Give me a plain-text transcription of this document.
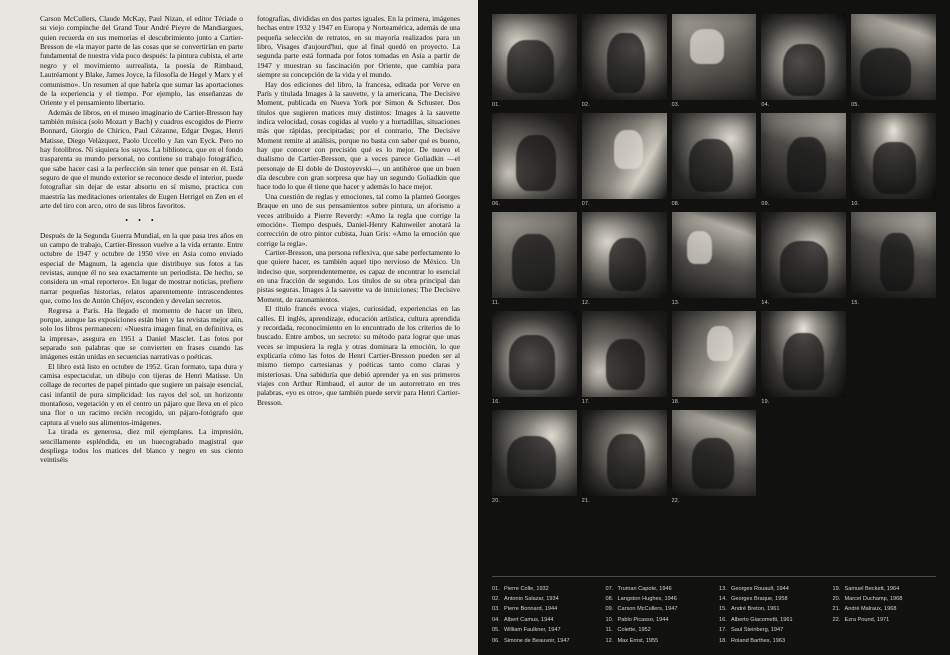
Carson McCullers, Claude McKay, Paul Nizan, el editor Tériade o su viejo compinche del Grand Tour André Pieyre de Mandiargues, quien recuerda en sus memorias el descubrimiento junto a Cartier-Bresson de «la mayor parte de las cosas que se convertirían en parte fundamental de nuestra vida poco después: la pintura cubista, el arte negro y el movimiento surrealista, la poesía de Rimbaud, Lautréamont y Blake, James Joyce, la filosofía de Hegel y Marx y el comunismo». Un resumen al que habría que sumar las aportaciones de la experiencia y el tiempo. Por ejemplo, las enseñanzas de Oriente y el pensamiento libertario.

Además de libros, en el museo imaginario de Cartier-Bresson hay también música (solo Mozart y Bach) y cuadros escogidos de Pierre Bonnard, Giorgio de Chirico, Paul Cézanne, Edgar Degas, Henri Matisse, Diego Velázquez, Paolo Uccello y Jan van Eyck. Pero no hay fotolibros. Ni siquiera los suyos. La biblioteca, que en el fondo trasparenta su mundo personal, no contiene su trabajo fotográfico, que sabe hacer casi a la perfección sin tener que pensar en él. Está seguro de que el mundo exterior se reconoce desde el interior, puede fotografiar sin dejar de estar absorto en sí mismo, practica con maestría las meditaciones orientales de Eugen Herrigel en Zen en el arte del tiro con arco, otro de sus libros favoritos.

• • •

Después de la Segunda Guerra Mundial, en la que pasa tres años en un campo de trabajo, Cartier-Bresson vuelve a la vida errante. Entre octubre de 1947 y octubre de 1950 vive en Asia como enviado especial de Magnum, la agencia que distribuye sus fotos a las revistas, aunque él no sea exactamente un periodista. De hecho, se considera un «mal reportero». En lugar de mostrar noticias, prefiere narrar pequeñas historias, relatos aparentemente intrascendentes que, como los de Antón Chéjov, esconden y develan secretos.

Regresa a París. Ha llegado el momento de hacer un libro, porque, aunque las exposiciones están bien y las revistas mejor aún, solo los libros permanecen: «Nuestra imagen final, en definitiva, es la impresa», asegura en 1951 a Daniel Masclet. Las fotos por separado son palabras que se convierten en frases cuando las imágenes están unidas en secuencias narrativas o poéticas.

El libro está listo en octubre de 1952. Gran formato, tapa dura y camisa espectacular, un dibujo con tijeras de Henri Matisse. Un collage de recortes de papel pintado que sugiere un paisaje esencial, casi infantil de pura simplicidad: los rayos del sol, un horizonte montañoso, vegetación y en el centro un pájaro que lleva en el pico una flor o un racimo recién recogido, un pájaro-fotógrafo que captura al vuelo sus alimentos-imágenes.

La tirada es generosa, diez mil ejemplares. La impresión, sencillamente espléndida, en un huecograbado magistral que despliega todos los matices del blanco y negro en sus ciento veintiséis

fotografías, divididas en dos partes iguales. En la primera, imágenes hechas entre 1932 y 1947 en Europa y Norteamérica, además de una pequeña selección de retratos, en su mayoría realizados para un libro, Visages d'aujourd'hui, que al final quedó en proyecto. La segunda parte está formada por fotos tomadas en Asia a partir de 1947 y muestran su fascinación por Oriente, que cambia para siempre su concepción de la vida y el mundo.

Hay dos ediciones del libro, la francesa, editada por Verve en París y titulada Images à la sauvette, y la americana, The Decisive Moment, publicada en Nueva York por Simon & Schuster. Dos títulos que sugieren matices muy distintos: Images à la sauvette indica velocidad, cosas cogidas al vuelo y a hurtadillas, situaciones más que rápidas, precipitadas; por el contrario, The Decisive Moment remite al análisis, porque no basta con saber qué es bueno, hay que conocer con precisión qué es lo mejor. De nuevo el dualismo de Cartier-Bresson, que a veces parece Goliadkin —el personaje de El doble de Dostoyevski—, un antihéroe que un buen día descubre con gran sorpresa que hay un segundo Goliadkin que hace todo lo que él tiene que hacer y además lo hace mejor.

Una cuestión de reglas y emociones, tal como la planteó Georges Braque en uno de sus pensamientos sobre pintura, un aforismo a veces atribuido a Pierre Reverdy: «Amo la regla que corrige la emoción». Tiempo después, Daniel-Henry Kahnweiler anotará la corrección de otro pintor cubista, Juan Gris: «Amo la emoción que corrige la regla».

Cartier-Bresson, una persona reflexiva, que sabe perfectamente lo que quiere hacer, es también aquel tipo nervioso de México. Un indeciso que, sorprendentemente, es capaz de encontrar lo esencial en una fracción de segundo. Los títulos de su obra principal dan pistas seguras. Images à la sauvette va de intuiciones; The Decisive Moment, de razonamientos.

El título francés evoca viajes, curiosidad, experiencias en las calles. El inglés, aprendizaje, educación artística, cultura aprendida y recordada, reconocimiento en lo encontrado de los criterios de lo buscado. Entre ambos, un secreto: su método para lograr que unas veces se impusiera la regla y otras dominara la emoción, lo que explicaría cómo las fotos de Henri Cartier-Bresson pueden ser al mismo tiempo cartesianas y poéticas tanto como claras y misteriosas. Una sabiduría que debió aprender ya en sus primeros viajes con Arthur Rimbaud, el autor de un autorretrato en tres palabras, «yo es otro», que también puede servir para Henri Cartier-Bresson.

01.	02.	03.	04.	05.
06.	07.	08.	09.	10.
11.	12.	13.	14.	15.
16.	17.	18.	19.
20.	21.	22.
01. Pierre Colle, 1932	07. Truman Capote, 1946	13. Georges Rouault, 1944	19. Samuel Beckett, 1964
02. Antonio Salazar, 1934	08. Langston Hughes, 1946	14. Georges Braque, 1958	20. Marcel Duchamp, 1968
03. Pierre Bonnard, 1944	09. Carson McCullers, 1947	15. André Breton, 1961	21. André Malraux, 1968
04. Albert Camus, 1944	10. Pablo Picasso, 1944	16. Alberto Giacometti, 1961	22. Ezra Pound, 1971
05. William Faulkner, 1947	11. Colette, 1952	17. Saul Steinberg, 1947
06. Simone de Beauvoir, 1947	12. Max Ernst, 1955	18. Roland Barthes, 1963
